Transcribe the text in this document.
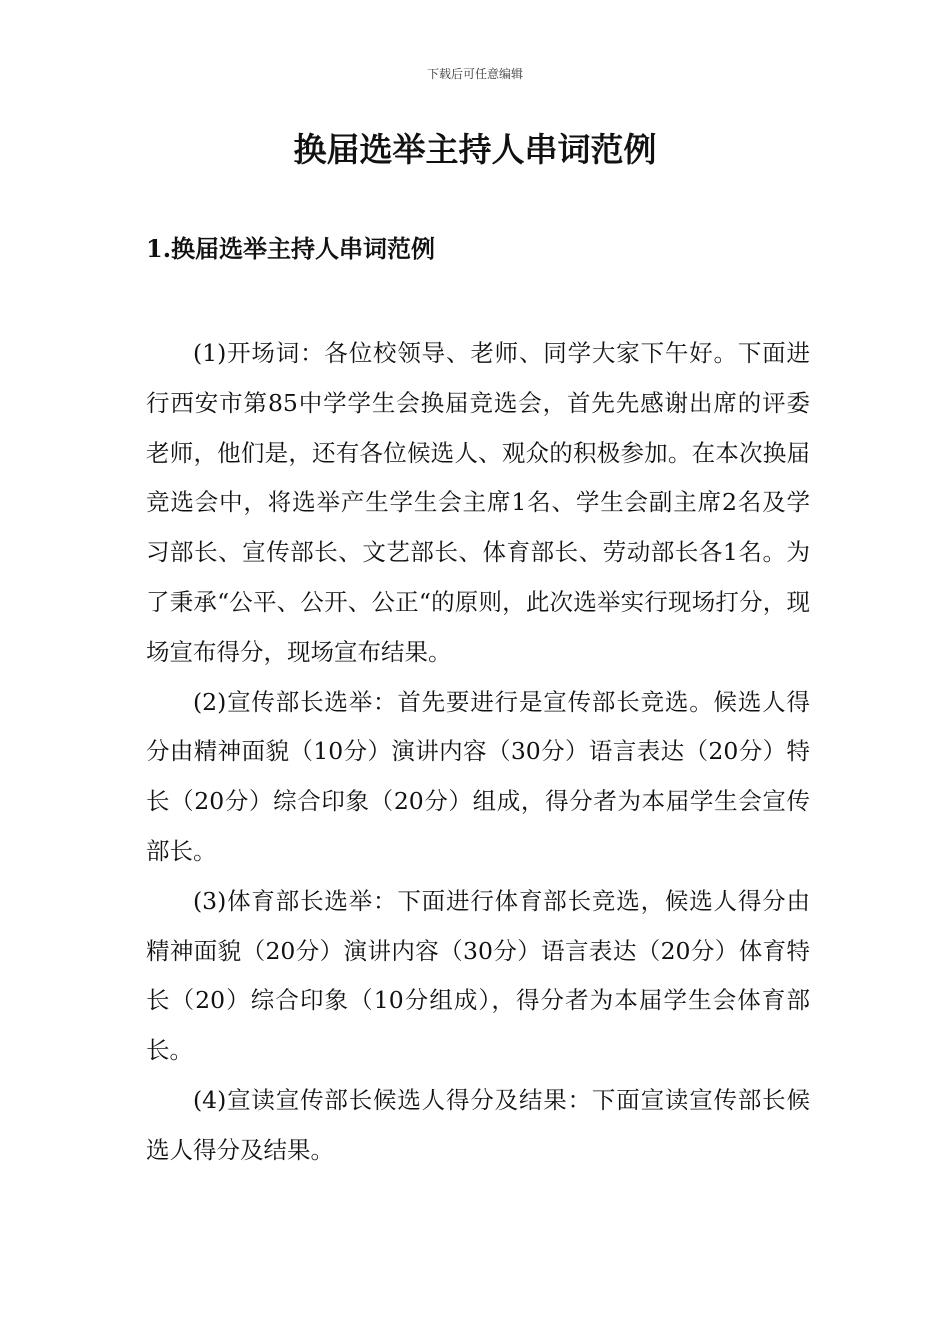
下载后可任意编辑
换届选举主持人串词范例
1.换届选举主持人串词范例

(1)开场词：各位校领导、老师、同学大家下午好。下面进行西安市第85中学学生会换届竞选会，首先先感谢出席的评委老师，他们是，还有各位候选人、观众的积极参加。在本次换届竞选会中，将选举产生学生会主席1名、学生会副主席2名及学习部长、宣传部长、文艺部长、体育部长、劳动部长各1名。为了秉承“公平、公开、公正“的原则，此次选举实行现场打分，现场宣布得分，现场宣布结果。

(2)宣传部长选举：首先要进行是宣传部长竞选。候选人得分由精神面貌（10分）演讲内容（30分）语言表达（20分）特长（20分）综合印象（20分）组成，得分者为本届学生会宣传部长。

(3)体育部长选举：下面进行体育部长竞选，候选人得分由精神面貌（20分）演讲内容（30分）语言表达（20分）体育特长（20）综合印象（10分组成），得分者为本届学生会体育部长。

(4)宣读宣传部长候选人得分及结果：下面宣读宣传部长候选人得分及结果。
